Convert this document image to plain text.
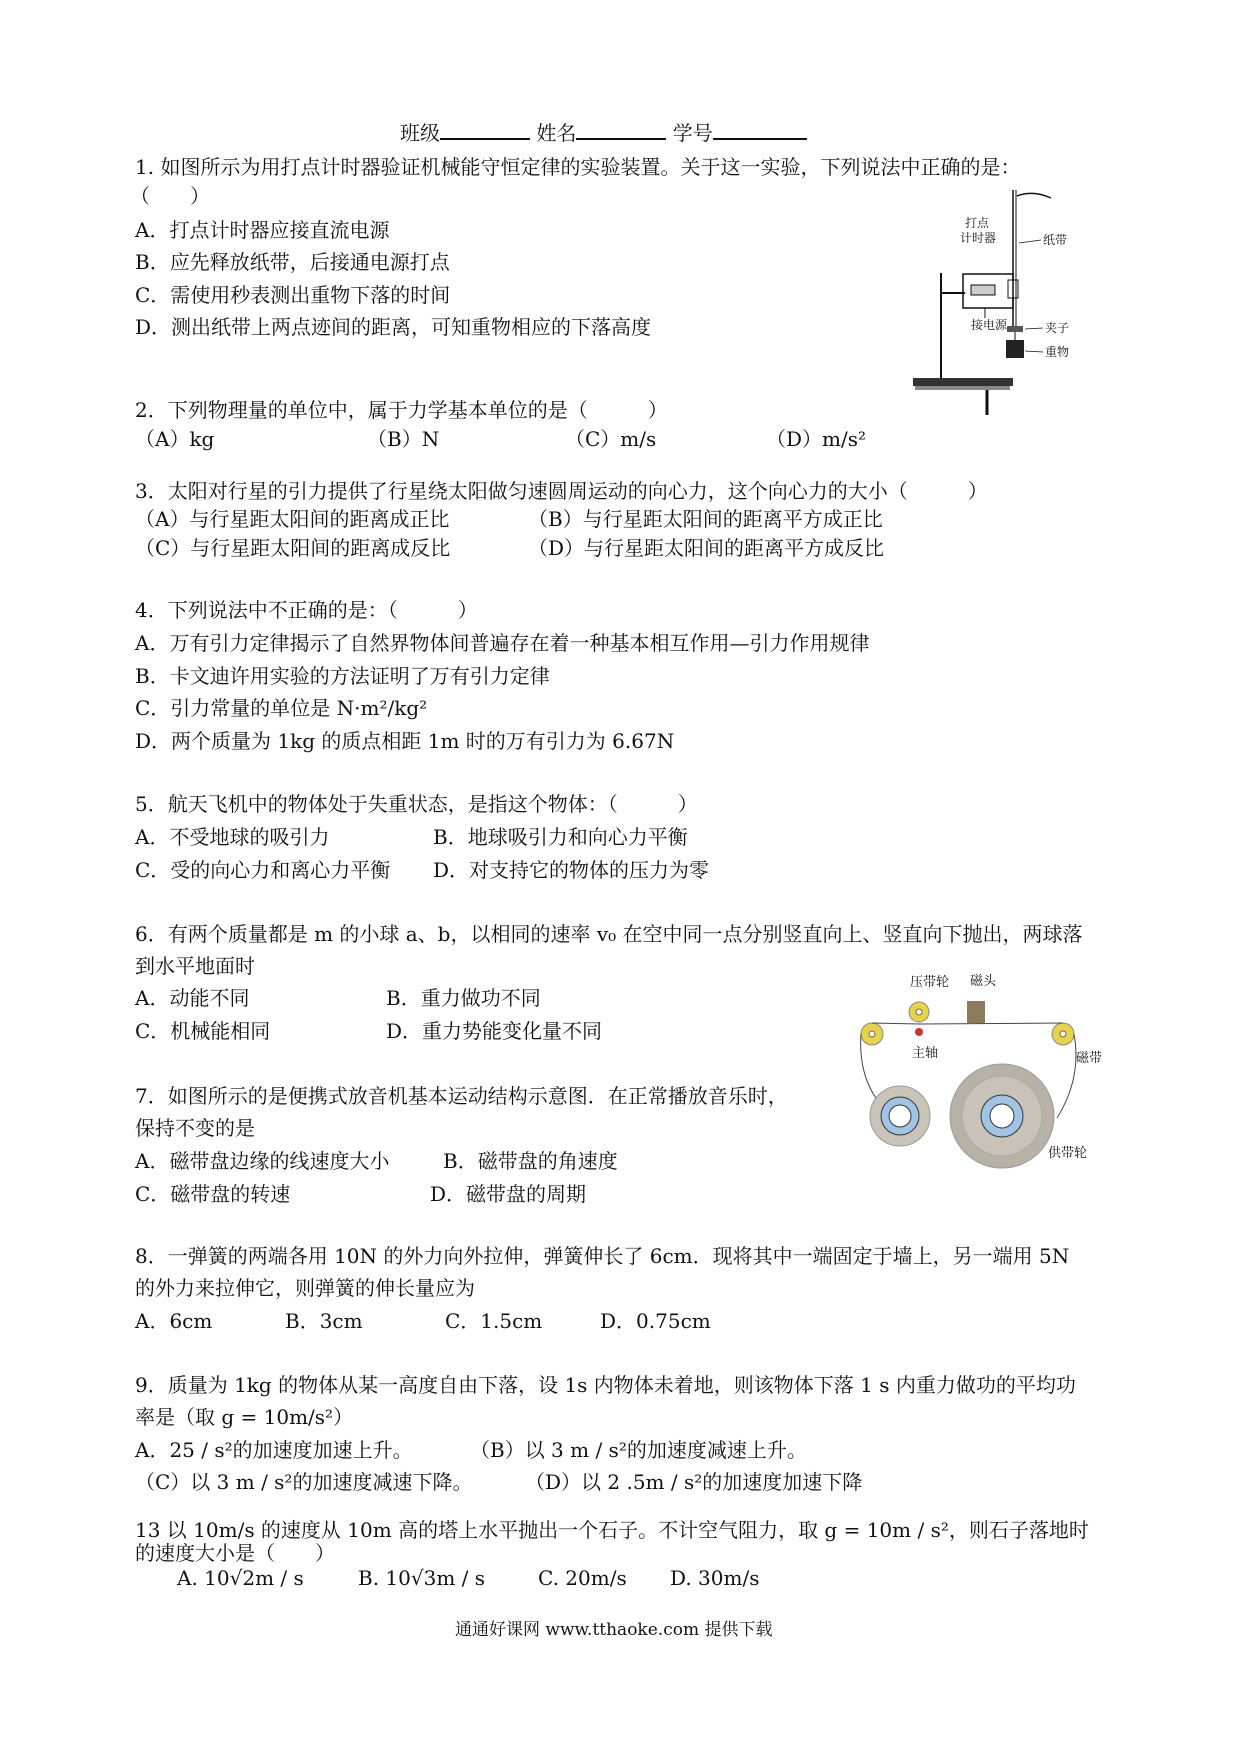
班级	姓名	学号
1. 如图所示为用打点计时器验证机械能守恒定律的实验装置。关于这一实验，下列说法中正确的是：
（　　）
A．打点计时器应接直流电源
B．应先释放纸带，后接通电源打点
C．需使用秒表测出重物下落的时间
D．测出纸带上两点迹间的距离，可知重物相应的下落高度
打点
计时器	纸带
接电源	夹子
重物
2．下列物理量的单位中，属于力学基本单位的是（　　　）
（A）kg	（B）N	（C）m/s	（D）m/s²
3．太阳对行星的引力提供了行星绕太阳做匀速圆周运动的向心力，这个向心力的大小（　　　）
（A）与行星距太阳间的距离成正比	（B）与行星距太阳间的距离平方成正比
（C）与行星距太阳间的距离成反比	（D）与行星距太阳间的距离平方成反比
4．下列说法中不正确的是：（　　　）
A．万有引力定律揭示了自然界物体间普遍存在着一种基本相互作用—引力作用规律
B．卡文迪许用实验的方法证明了万有引力定律
C．引力常量的单位是 N·m²/kg²
D．两个质量为 1kg 的质点相距 1m 时的万有引力为 6.67N
5．航天飞机中的物体处于失重状态，是指这个物体：（　　　）
A．不受地球的吸引力	B．地球吸引力和向心力平衡
C．受的向心力和离心力平衡 D．对支持它的物体的压力为零
6．有两个质量都是 m 的小球 a、b，以相同的速率 v₀ 在空中同一点分别竖直向上、竖直向下抛出，两球落
到水平地面时
A．动能不同	B．重力做功不同
C．机械能相同	D．重力势能变化量不同
压带轮 磁头
主轴	磁带
供带轮
7．如图所示的是便携式放音机基本运动结构示意图．在正常播放音乐时，
保持不变的是
A．磁带盘边缘的线速度大小	B．磁带盘的角速度
C．磁带盘的转速	D．磁带盘的周期
8．一弹簧的两端各用 10N 的外力向外拉伸，弹簧伸长了 6cm．现将其中一端固定于墙上，另一端用 5N
的外力来拉伸它，则弹簧的伸长量应为
A．6cm	B．3cm	C．1.5cm	D．0.75cm
9．质量为 1kg 的物体从某一高度自由下落，设 1s 内物体未着地，则该物体下落 1 s 内重力做功的平均功
率是（取 g = 10m/s²）
A．25 / s²的加速度加速上升。	（B）以 3 m / s²的加速度减速上升。
（C）以 3 m / s²的加速度减速下降。	（D）以 2 .5m / s²的加速度加速下降
13 以 10m/s 的速度从 10m 高的塔上水平抛出一个石子。不计空气阻力，取 g = 10m / s²，则石子落地时
的速度大小是（　　）
A. 10√2m / s	B. 10√3m / s	C. 20m/s D. 30m/s
通通好课网 www.tthaoke.com 提供下载
